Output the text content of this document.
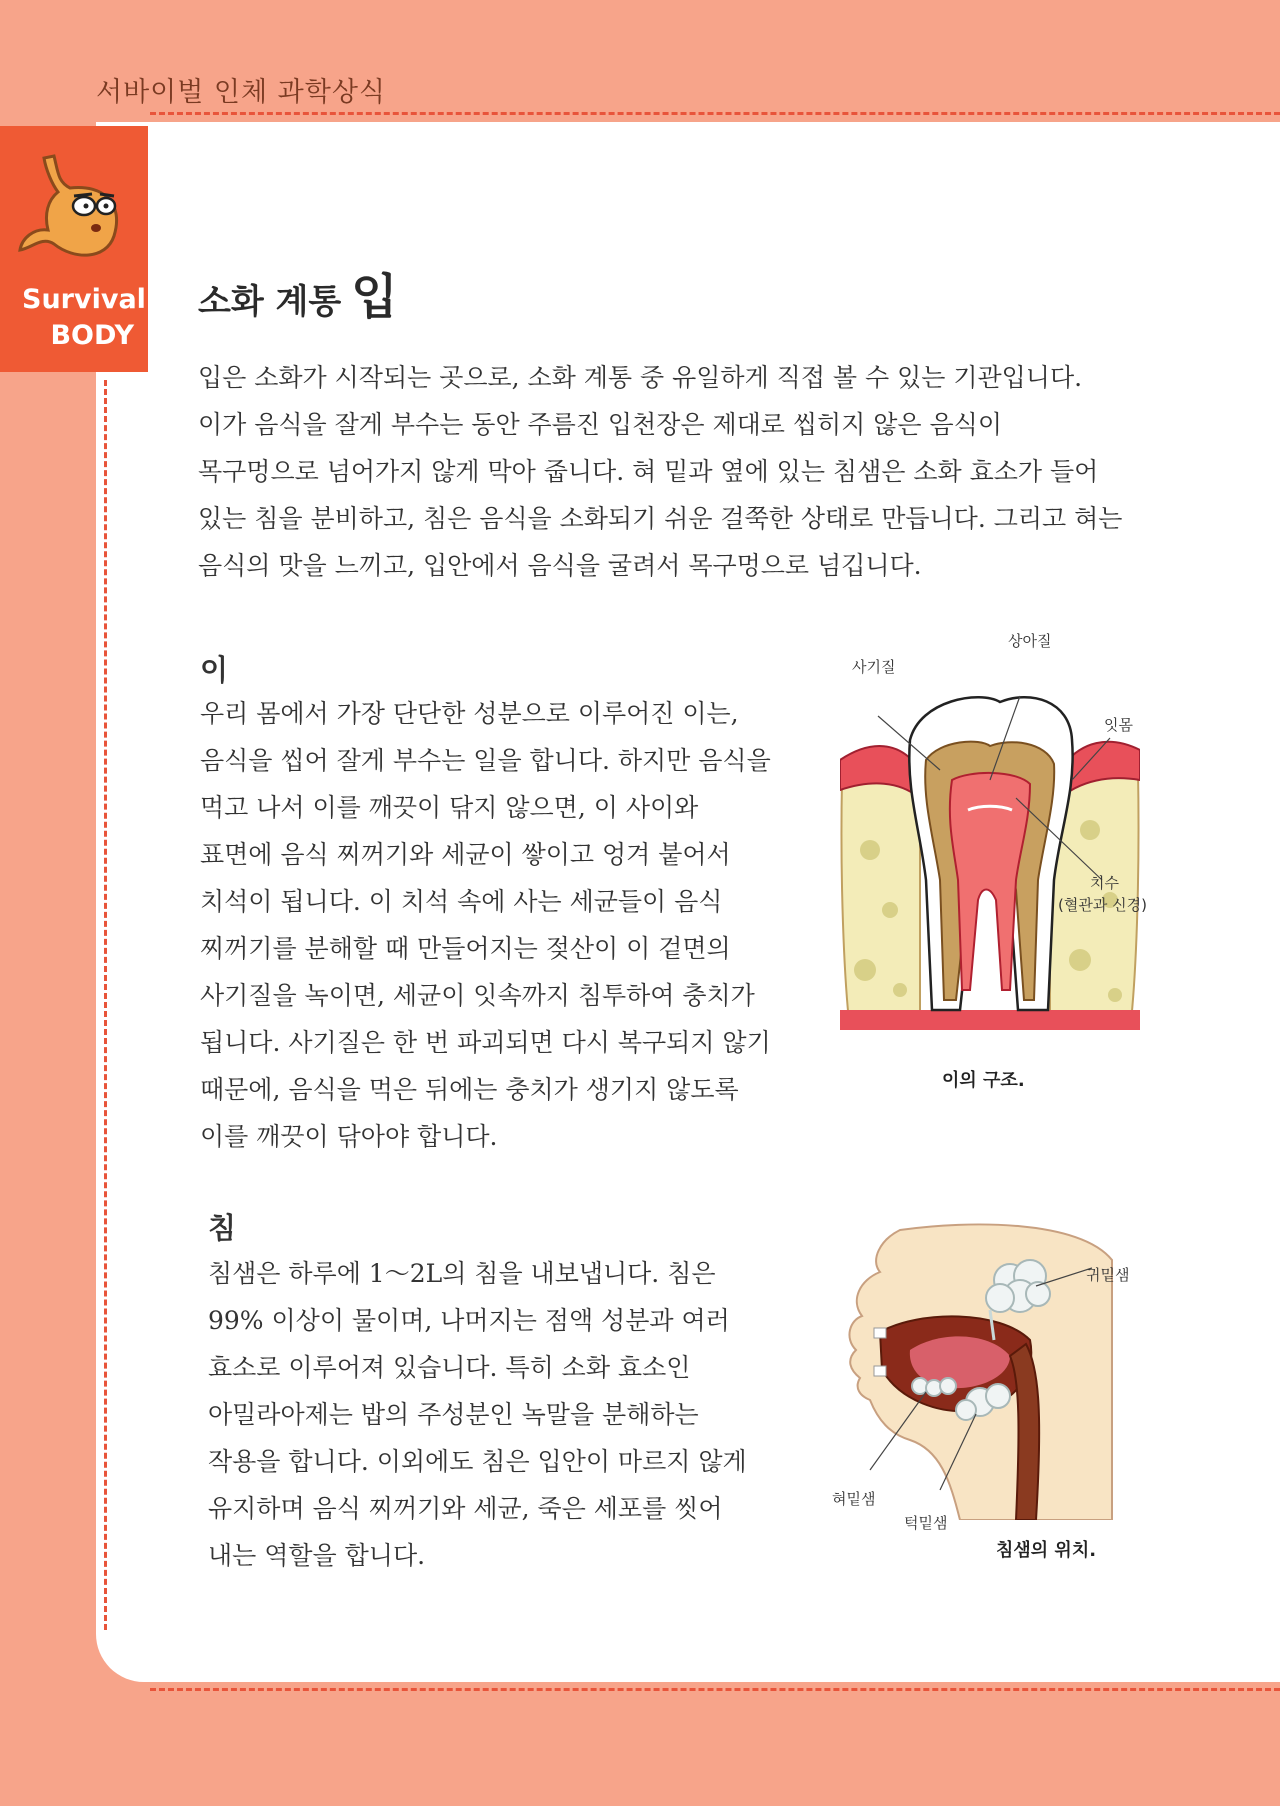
서바이벌 인체 과학상식
Survival
BODY
소화 계통 입
입은 소화가 시작되는 곳으로, 소화 계통 중 유일하게 직접 볼 수 있는 기관입니다.
이가 음식을 잘게 부수는 동안 주름진 입천장은 제대로 씹히지 않은 음식이
목구멍으로 넘어가지 않게 막아 줍니다. 혀 밑과 옆에 있는 침샘은 소화 효소가 들어
있는 침을 분비하고, 침은 음식을 소화되기 쉬운 걸쭉한 상태로 만듭니다. 그리고 혀는
음식의 맛을 느끼고, 입안에서 음식을 굴려서 목구멍으로 넘깁니다.
이
우리 몸에서 가장 단단한 성분으로 이루어진 이는,
음식을 씹어 잘게 부수는 일을 합니다. 하지만 음식을
먹고 나서 이를 깨끗이 닦지 않으면, 이 사이와
표면에 음식 찌꺼기와 세균이 쌓이고 엉겨 붙어서
치석이 됩니다. 이 치석 속에 사는 세균들이 음식
찌꺼기를 분해할 때 만들어지는 젖산이 이 겉면의
사기질을 녹이면, 세균이 잇속까지 침투하여 충치가
됩니다. 사기질은 한 번 파괴되면 다시 복구되지 않기
때문에, 음식을 먹은 뒤에는 충치가 생기지 않도록
이를 깨끗이 닦아야 합니다.
사기질
상아질
잇몸
치수
(혈관과 신경)
이의 구조.
침
침샘은 하루에 1～2L의 침을 내보냅니다. 침은
99% 이상이 물이며, 나머지는 점액 성분과 여러
효소로 이루어져 있습니다. 특히 소화 효소인
아밀라아제는 밥의 주성분인 녹말을 분해하는
작용을 합니다. 이외에도 침은 입안이 마르지 않게
유지하며 음식 찌꺼기와 세균, 죽은 세포를 씻어
내는 역할을 합니다.
귀밑샘
혀밑샘
턱밑샘
침샘의 위치.
